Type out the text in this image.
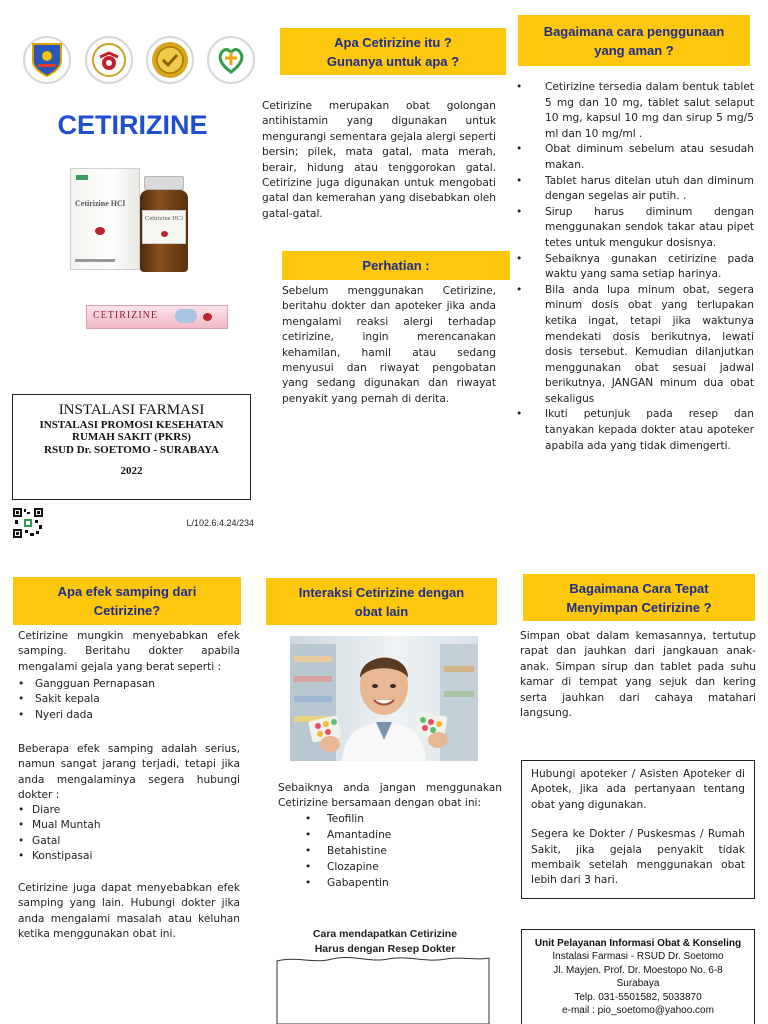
CETIRIZINE
Cetirizine HCl
Cetirizine HCl
CETIRIZINE
INSTALASI FARMASI
INSTALASI PROMOSI KESEHATAN
RUMAH SAKIT (PKRS)
RSUD Dr. SOETOMO - SURABAYA
2022
L/102.6.4.24/234
Apa Cetirizine itu ? Gunanya untuk apa ?
Cetirizine merupakan obat golongan antihistamin yang digunakan untuk mengurangi sementara gejala alergi seperti bersin; pilek, mata gatal, mata merah, berair, hidung atau tenggorokan gatal. Cetirizine juga digunakan untuk mengobati gatal dan kemerahan yang disebabkan oleh gatal-gatal.
Perhatian :
Sebelum menggunakan Cetirizine, beritahu dokter dan apoteker jika anda mengalami reaksi alergi terhadap cetirizine, ingin merencanakan kehamilan, hamil atau sedang menyusui dan riwayat pengobatan yang sedang digunakan dan riwayat penyakit yang pernah di derita.
Bagaimana cara penggunaan yang aman ?
• Cetirizine tersedia dalam bentuk tablet 5 mg dan 10 mg, tablet salut selaput 10 mg, kapsul 10 mg dan sirup 5 mg/5 ml dan 10 mg/ml .
• Obat diminum sebelum atau sesudah makan.
• Tablet harus ditelan utuh dan diminum dengan segelas air putih. .
• Sirup harus diminum dengan menggunakan sendok takar atau pipet tetes untuk mengukur dosisnya.
• Sebaiknya gunakan cetirizine pada waktu yang sama setiap harinya.
• Bila anda lupa minum obat, segera minum dosis obat yang terlupakan ketika ingat, tetapi jika waktunya mendekati dosis berikutnya, lewati dosis tersebut. Kemudian dilanjutkan menggunakan obat sesuai jadwal berikutnya, JANGAN minum dua obat sekaligus
• Ikuti petunjuk pada resep dan tanyakan kepada dokter atau apoteker apabila ada yang tidak dimengerti.
Apa efek samping dari Cetirizine?
Cetirizine mungkin menyebabkan efek samping. Beritahu dokter apabila mengalami gejala yang berat seperti :
• Gangguan Pernapasan
• Sakit kepala
• Nyeri dada
Beberapa efek samping adalah serius, namun sangat jarang terjadi, tetapi jika anda mengalaminya segera hubungi dokter :
• Diare
• Mual Muntah
• Gatal
• Konstipasai
Cetirizine juga dapat menyebabkan efek samping yang lain. Hubungi dokter jika anda mengalami masalah atau keluhan ketika menggunakan obat ini.
Interaksi Cetirizine dengan obat lain
Sebaiknya anda jangan menggunakan Cetirizine bersamaan dengan obat ini:
• Teofilin
• Amantadine
• Betahistine
• Clozapine
• Gabapentin
Cara mendapatkan Cetirizine
Harus dengan Resep Dokter
Bagaimana Cara Tepat Menyimpan Cetirizine ?
Simpan obat dalam kemasannya, tertutup rapat dan jauhkan dari jangkauan anak-anak. Simpan sirup dan tablet pada suhu kamar di tempat yang sejuk dan kering serta jauhkan dari cahaya matahari langsung.
Hubungi apoteker / Asisten Apoteker di Apotek, jika ada pertanyaan tentang obat yang digunakan.
Segera ke Dokter / Puskesmas / Rumah Sakit, jika gejala penyakit tidak membaik setelah menggunakan obat lebih dari 3 hari.
Unit Pelayanan Informasi Obat & Konseling
Instalasi Farmasi - RSUD Dr. Soetomo
Jl. Mayjen. Prof. Dr. Moestopo No. 6-8
Surabaya
Telp. 031-5501582, 5033870
e-mail : pio_soetomo@yahoo.com
